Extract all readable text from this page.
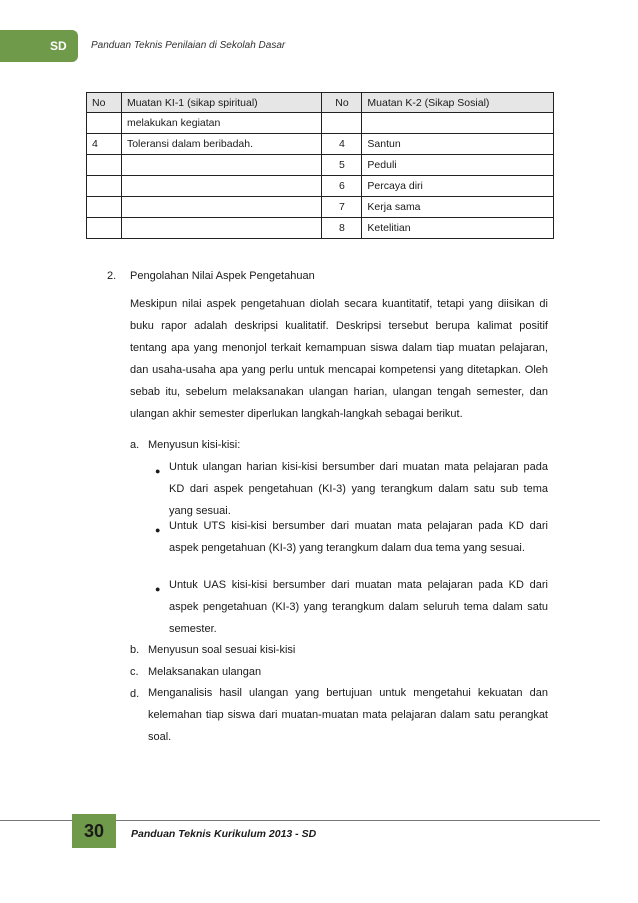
SD Panduan Teknis Penilaian di Sekolah Dasar
No	Muatan KI-1 (sikap spiritual)	No	Muatan K-2 (Sikap Sosial)
	melakukan kegiatan		
4	Toleransi dalam beribadah.	4	Santun
		5	Peduli
		6	Percaya diri
		7	Kerja sama
		8	Ketelitian
2. Pengolahan Nilai Aspek Pengetahuan

Meskipun nilai aspek pengetahuan diolah secara kuantitatif, tetapi yang diisikan di buku rapor adalah deskripsi kualitatif. Deskripsi tersebut berupa kalimat positif tentang apa yang menonjol terkait kemampuan siswa dalam tiap muatan pelajaran, dan usaha-usaha apa yang perlu untuk mencapai kompetensi yang ditetapkan. Oleh sebab itu, sebelum melaksanakan ulangan harian, ulangan tengah semester, dan ulangan akhir semester diperlukan langkah-langkah sebagai berikut.

a. Menyusun kisi-kisi:
● Untuk ulangan harian kisi-kisi bersumber dari muatan mata pelajaran pada KD dari aspek pengetahuan (KI-3) yang terangkum dalam satu sub tema yang sesuai.

● Untuk UTS kisi-kisi bersumber dari muatan mata pelajaran pada KD dari aspek pengetahuan (KI-3) yang terangkum dalam dua tema yang sesuai.

● Untuk UAS kisi-kisi bersumber dari muatan mata pelajaran pada KD dari aspek pengetahuan (KI-3) yang terangkum dalam seluruh tema dalam satu semester.

b. Menyusun soal sesuai kisi-kisi
c. Melaksanakan ulangan
d. Menganalisis hasil ulangan yang bertujuan untuk mengetahui kekuatan dan kelemahan tiap siswa dari muatan-muatan mata pelajaran dalam satu perangkat soal.

30	Panduan Teknis Kurikulum 2013 - SD
